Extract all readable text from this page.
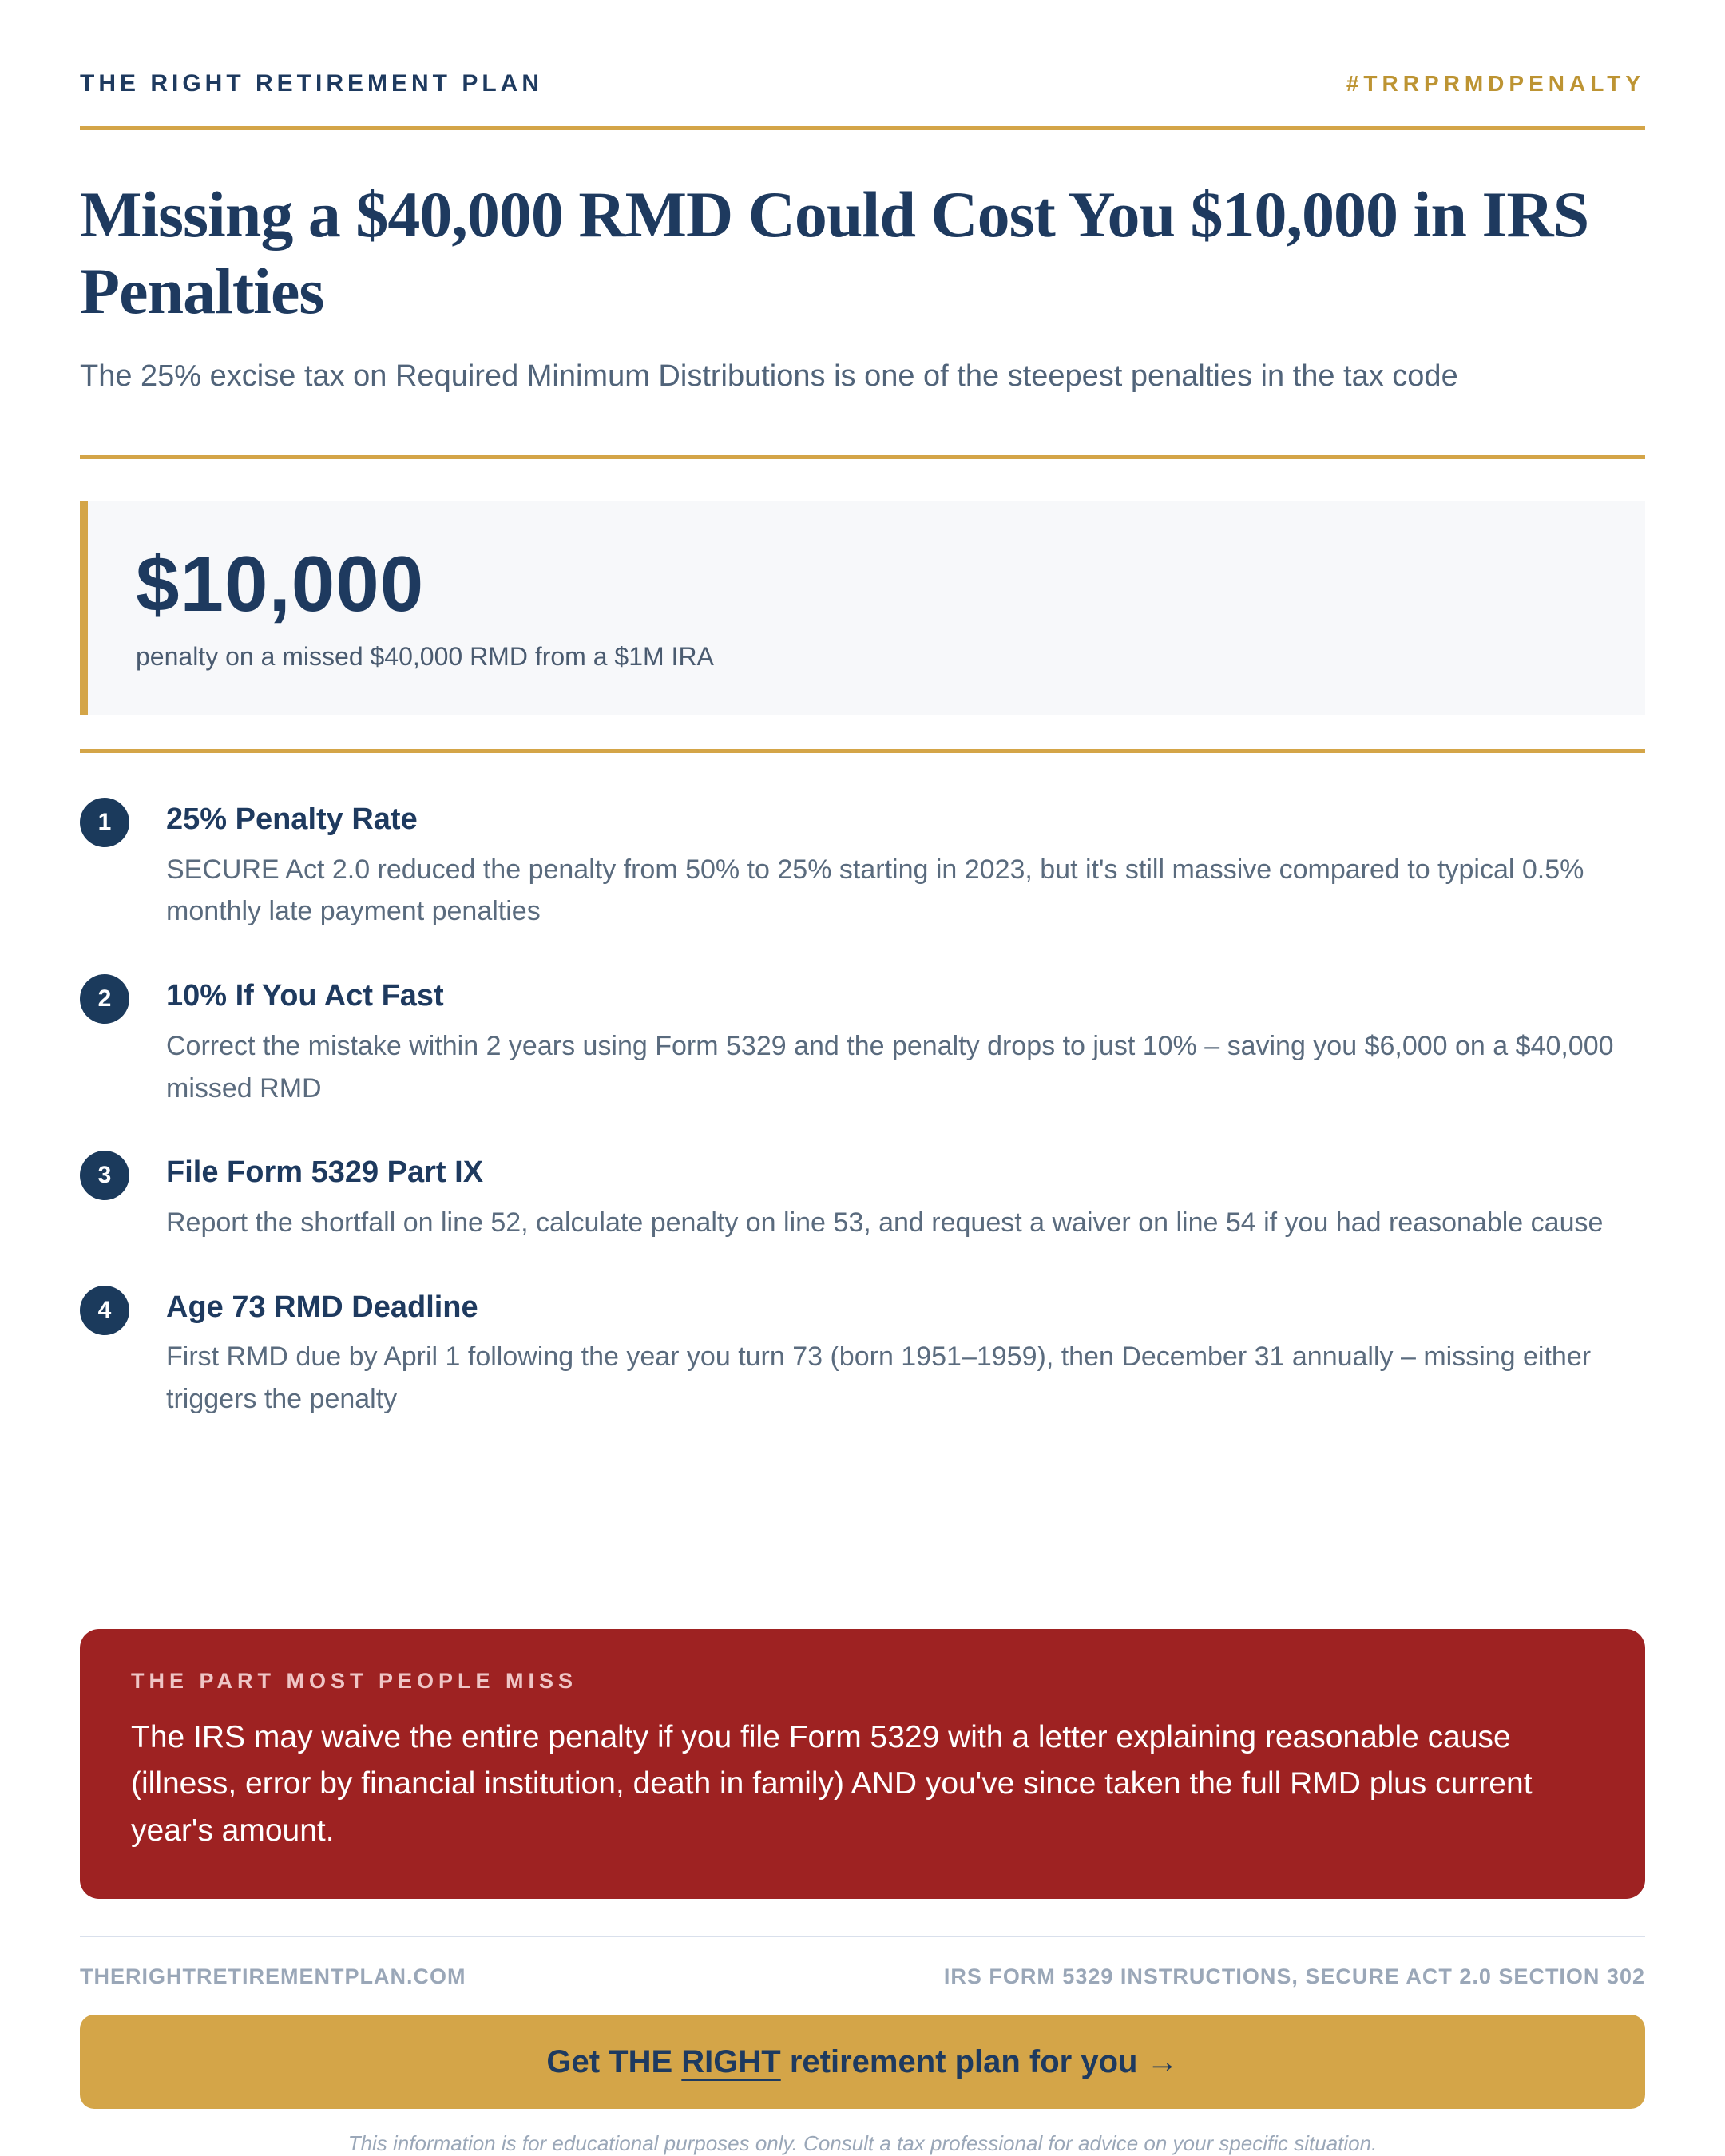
THE RIGHT RETIREMENT PLAN	#TRRPRMDPENALTY
Missing a $40,000 RMD Could Cost You $10,000 in IRS Penalties

The 25% excise tax on Required Minimum Distributions is one of the steepest penalties in the tax code

$10,000
penalty on a missed $40,000 RMD from a $1M IRA
1	25% Penalty Rate
SECURE Act 2.0 reduced the penalty from 50% to 25% starting in 2023, but it's still massive compared to typical 0.5% monthly late payment penalties
2	10% If You Act Fast
Correct the mistake within 2 years using Form 5329 and the penalty drops to just 10% – saving you $6,000 on a $40,000 missed RMD
3	File Form 5329 Part IX
Report the shortfall on line 52, calculate penalty on line 53, and request a waiver on line 54 if you had reasonable cause
4	Age 73 RMD Deadline
First RMD due by April 1 following the year you turn 73 (born 1951–1959), then December 31 annually – missing either triggers the penalty
THE PART MOST PEOPLE MISS
The IRS may waive the entire penalty if you file Form 5329 with a letter explaining reasonable cause (illness, error by financial institution, death in family) AND you've since taken the full RMD plus current year's amount.
THERIGHTRETIREMENTPLAN.COM	IRS FORM 5329 INSTRUCTIONS, SECURE ACT 2.0 SECTION 302
Get THE RIGHT retirement plan for you →
This information is for educational purposes only. Consult a tax professional for advice on your specific situation.
